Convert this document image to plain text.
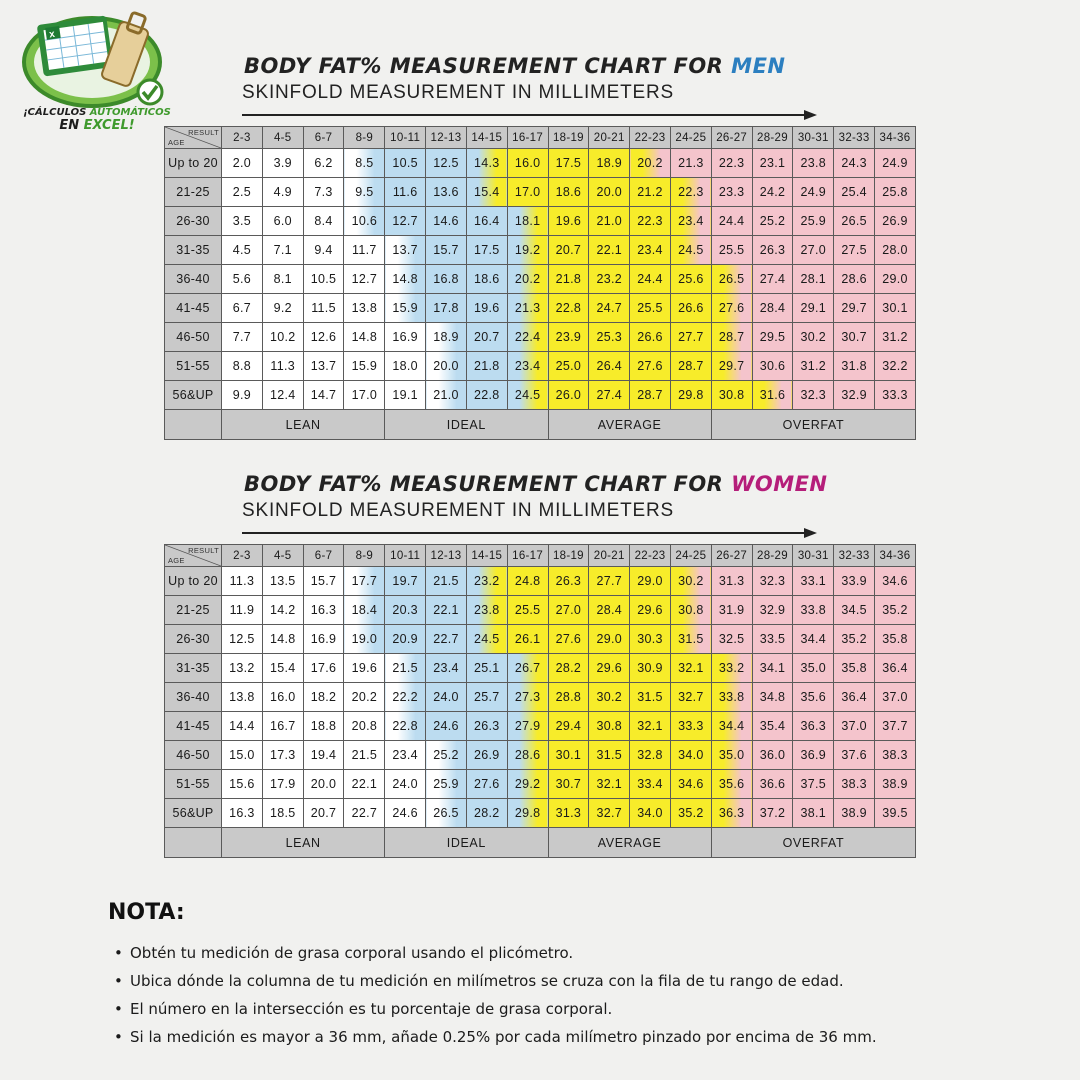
x
¡CÁLCULOS AUTOMÁTICOS
EN EXCEL!
BODY FAT% MEASUREMENT CHART FOR MEN
SKINFOLD MEASUREMENT IN MILLIMETERS
RESULT
AGE	2-3	4-5	6-7	8-9	10-11	12-13	14-15	16-17	18-19	20-21	22-23	24-25	26-27	28-29	30-31	32-33	34-36
Up to 20	2.0	3.9	6.2	8.5	10.5	12.5	14.3	16.0	17.5	18.9	20.2	21.3	22.3	23.1	23.8	24.3	24.9
21-25	2.5	4.9	7.3	9.5	11.6	13.6	15.4	17.0	18.6	20.0	21.2	22.3	23.3	24.2	24.9	25.4	25.8
26-30	3.5	6.0	8.4	10.6	12.7	14.6	16.4	18.1	19.6	21.0	22.3	23.4	24.4	25.2	25.9	26.5	26.9
31-35	4.5	7.1	9.4	11.7	13.7	15.7	17.5	19.2	20.7	22.1	23.4	24.5	25.5	26.3	27.0	27.5	28.0
36-40	5.6	8.1	10.5	12.7	14.8	16.8	18.6	20.2	21.8	23.2	24.4	25.6	26.5	27.4	28.1	28.6	29.0
41-45	6.7	9.2	11.5	13.8	15.9	17.8	19.6	21.3	22.8	24.7	25.5	26.6	27.6	28.4	29.1	29.7	30.1
46-50	7.7	10.2	12.6	14.8	16.9	18.9	20.7	22.4	23.9	25.3	26.6	27.7	28.7	29.5	30.2	30.7	31.2
51-55	8.8	11.3	13.7	15.9	18.0	20.0	21.8	23.4	25.0	26.4	27.6	28.7	29.7	30.6	31.2	31.8	32.2
56&UP	9.9	12.4	14.7	17.0	19.1	21.0	22.8	24.5	26.0	27.4	28.7	29.8	30.8	31.6	32.3	32.9	33.3
	LEAN				IDEAL				AVERAGE				OVERFAT				
BODY FAT% MEASUREMENT CHART FOR WOMEN
SKINFOLD MEASUREMENT IN MILLIMETERS
RESULT
AGE	2-3	4-5	6-7	8-9	10-11	12-13	14-15	16-17	18-19	20-21	22-23	24-25	26-27	28-29	30-31	32-33	34-36
Up to 20	11.3	13.5	15.7	17.7	19.7	21.5	23.2	24.8	26.3	27.7	29.0	30.2	31.3	32.3	33.1	33.9	34.6
21-25	11.9	14.2	16.3	18.4	20.3	22.1	23.8	25.5	27.0	28.4	29.6	30.8	31.9	32.9	33.8	34.5	35.2
26-30	12.5	14.8	16.9	19.0	20.9	22.7	24.5	26.1	27.6	29.0	30.3	31.5	32.5	33.5	34.4	35.2	35.8
31-35	13.2	15.4	17.6	19.6	21.5	23.4	25.1	26.7	28.2	29.6	30.9	32.1	33.2	34.1	35.0	35.8	36.4
36-40	13.8	16.0	18.2	20.2	22.2	24.0	25.7	27.3	28.8	30.2	31.5	32.7	33.8	34.8	35.6	36.4	37.0
41-45	14.4	16.7	18.8	20.8	22.8	24.6	26.3	27.9	29.4	30.8	32.1	33.3	34.4	35.4	36.3	37.0	37.7
46-50	15.0	17.3	19.4	21.5	23.4	25.2	26.9	28.6	30.1	31.5	32.8	34.0	35.0	36.0	36.9	37.6	38.3
51-55	15.6	17.9	20.0	22.1	24.0	25.9	27.6	29.2	30.7	32.1	33.4	34.6	35.6	36.6	37.5	38.3	38.9
56&UP	16.3	18.5	20.7	22.7	24.6	26.5	28.2	29.8	31.3	32.7	34.0	35.2	36.3	37.2	38.1	38.9	39.5
	LEAN				IDEAL				AVERAGE				OVERFAT				
NOTA:
• Obtén tu medición de grasa corporal usando el plicómetro.
• Ubica dónde la columna de tu medición en milímetros se cruza con la fila de tu rango de edad.
• El número en la intersección es tu porcentaje de grasa corporal.
• Si la medición es mayor a 36 mm, añade 0.25% por cada milímetro pinzado por encima de 36 mm.
